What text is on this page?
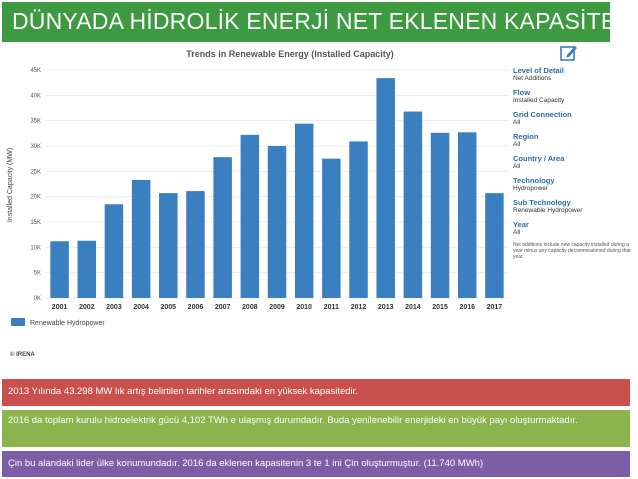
DÜNYADA HİDROLİK ENERJİ NET EKLENEN KAPASİTE
Trends in Renewable Energy (Installed Capacity)
Installed Capacity (MW)
0K
5K
10K
15K
20K
25K
30K
35K
40K
45K
2001 2002 2003 2004 2005 2006 2007 2008 2009 2010 2011 2012 2013 2014 2015 2016 2017
Renewable Hydropower
Level of Detail
Net Additions
Flow
Installed Capacity
Grid Connection
All
Region
All
Country / Area
All
Technology
Hydropower
Sub Technology
Renewable Hydropower
Year
All
Net additions include new capacity installed during a year minus any capacity decommissioned during that year.
© IRENA
2013 Yılında 43.298 MW lık artış belirtilen tarihler arasındaki en yüksek kapasitedir.
2016 da toplam kurulu hidroelektrik gücü 4,102 TWh e ulaşmış durumdadır. Buda yenilenebilir enerjideki en büyük payı oluşturmaktadır.
Çin bu alandaki lider ülke konumundadır. 2016 da eklenen kapasitenin 3 te 1 ini Çin oluşturmuştur. (11.740 MWh)
